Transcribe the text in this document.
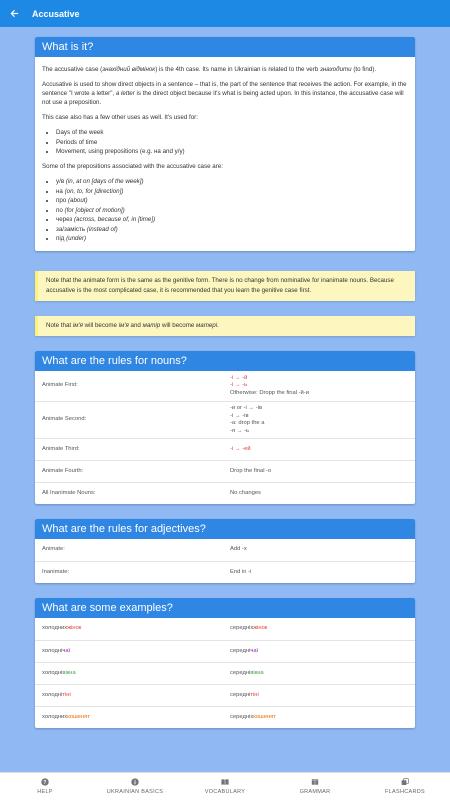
Accusative
What is it?

The accusative case (знахідний відмінок) is the 4th case. Its name in Ukrainian is related to the verb знаходити (to find).

Accusative is used to show direct objects in a sentence – that is, the part of the sentence that receives the action. For example, in the sentence "I wrote a letter", a letter is the direct object because it's what is being acted upon. In this instance, the accusative case will not use a preposition.

This case also has a few other uses as well. It's used for:

• Days of the week
• Periods of time
• Movement, using prepositions (e.g. на and у/у)

Some of the prepositions associated with the accusative case are:

• у/в (in, at on [days of the week])
• на (on, to, for [direction])
• про (about)
• по (for [object of motion])
• через (across, because of, in [time])
• за/замість (instead of)
• під (under)
Note that the animate form is the same as the genitive form. There is no change from nominative for inanimate nouns. Because accusative is the most complicated case, it is recommended that you learn the genitive case first.
Note that ім'я will become ім'я and матір will become матері.
What are the rules for nouns?
Animate First:
-і → -й
-і → -ь
Otherwise: Dropp the final -й-и
Animate Second:
-и or -і → -ів
-і → -ів
-а: drop the а
-я → -ь
Animate Third:	-і → -ей
Animate Fourth:	Drop the final -о
All Inanimate Nouns:	No changes
What are the rules for adjectives?
Animate:	Add -х
Inanimate:	End in -і
What are some examples?
холодних жінок	середніх жінок
холодні чаї	середні чаї
холодні вікна	середні вікна
холодні тіні	середні тіні
холодних кошенят	середніх кошенят
?
HELP	UKRAINIAN BASICS	VOCABULARY	GRAMMAR	FLASHCARDS
